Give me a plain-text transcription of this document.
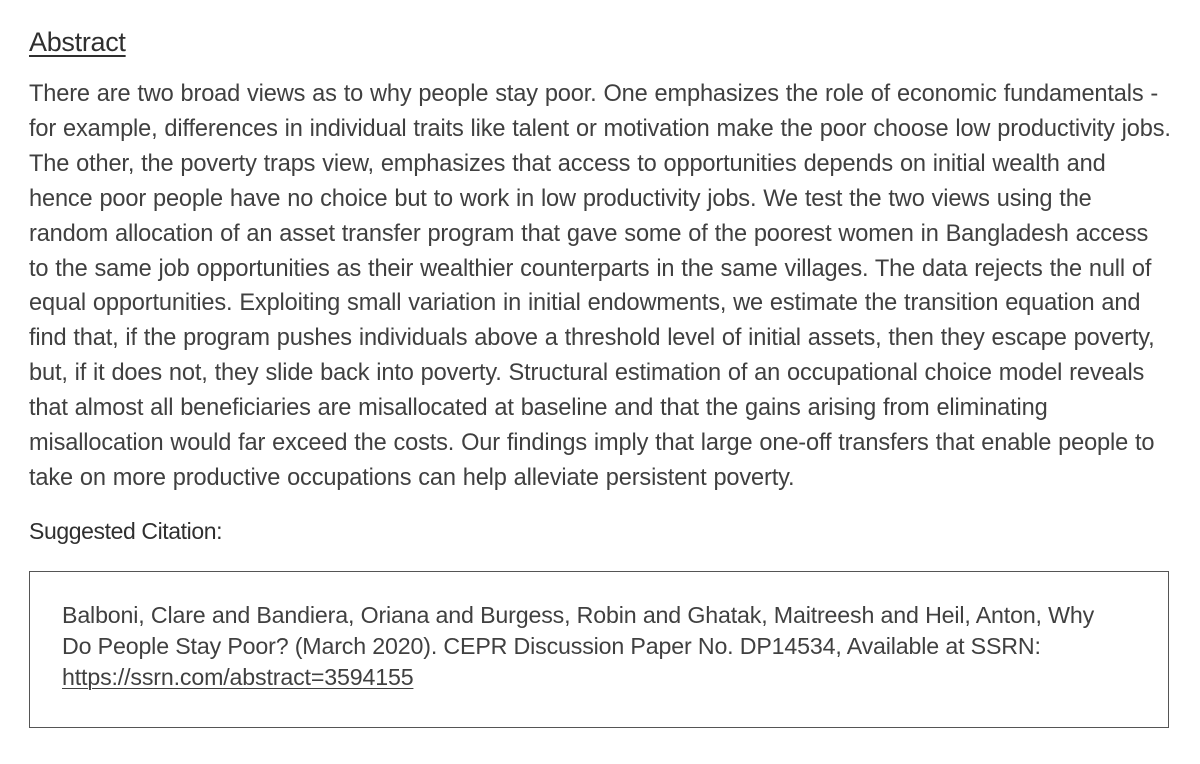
Abstract

There are two broad views as to why people stay poor. One emphasizes the role of economic fundamentals - for example, differences in individual traits like talent or motivation make the poor choose low productivity jobs. The other, the poverty traps view, emphasizes that access to opportunities depends on initial wealth and hence poor people have no choice but to work in low productivity jobs. We test the two views using the random allocation of an asset transfer program that gave some of the poorest women in Bangladesh access to the same job opportunities as their wealthier counterparts in the same villages. The data rejects the null of equal opportunities. Exploiting small variation in initial endowments, we estimate the transition equation and find that, if the program pushes individuals above a threshold level of initial assets, then they escape poverty, but, if it does not, they slide back into poverty. Structural estimation of an occupational choice model reveals that almost all beneficiaries are misallocated at baseline and that the gains arising from eliminating misallocation would far exceed the costs. Our findings imply that large one-off transfers that enable people to take on more productive occupations can help alleviate persistent poverty.

Suggested Citation:

Balboni, Clare and Bandiera, Oriana and Burgess, Robin and Ghatak, Maitreesh and Heil, Anton, Why Do People Stay Poor? (March 2020). CEPR Discussion Paper No. DP14534, Available at SSRN: https://ssrn.com/abstract=3594155
